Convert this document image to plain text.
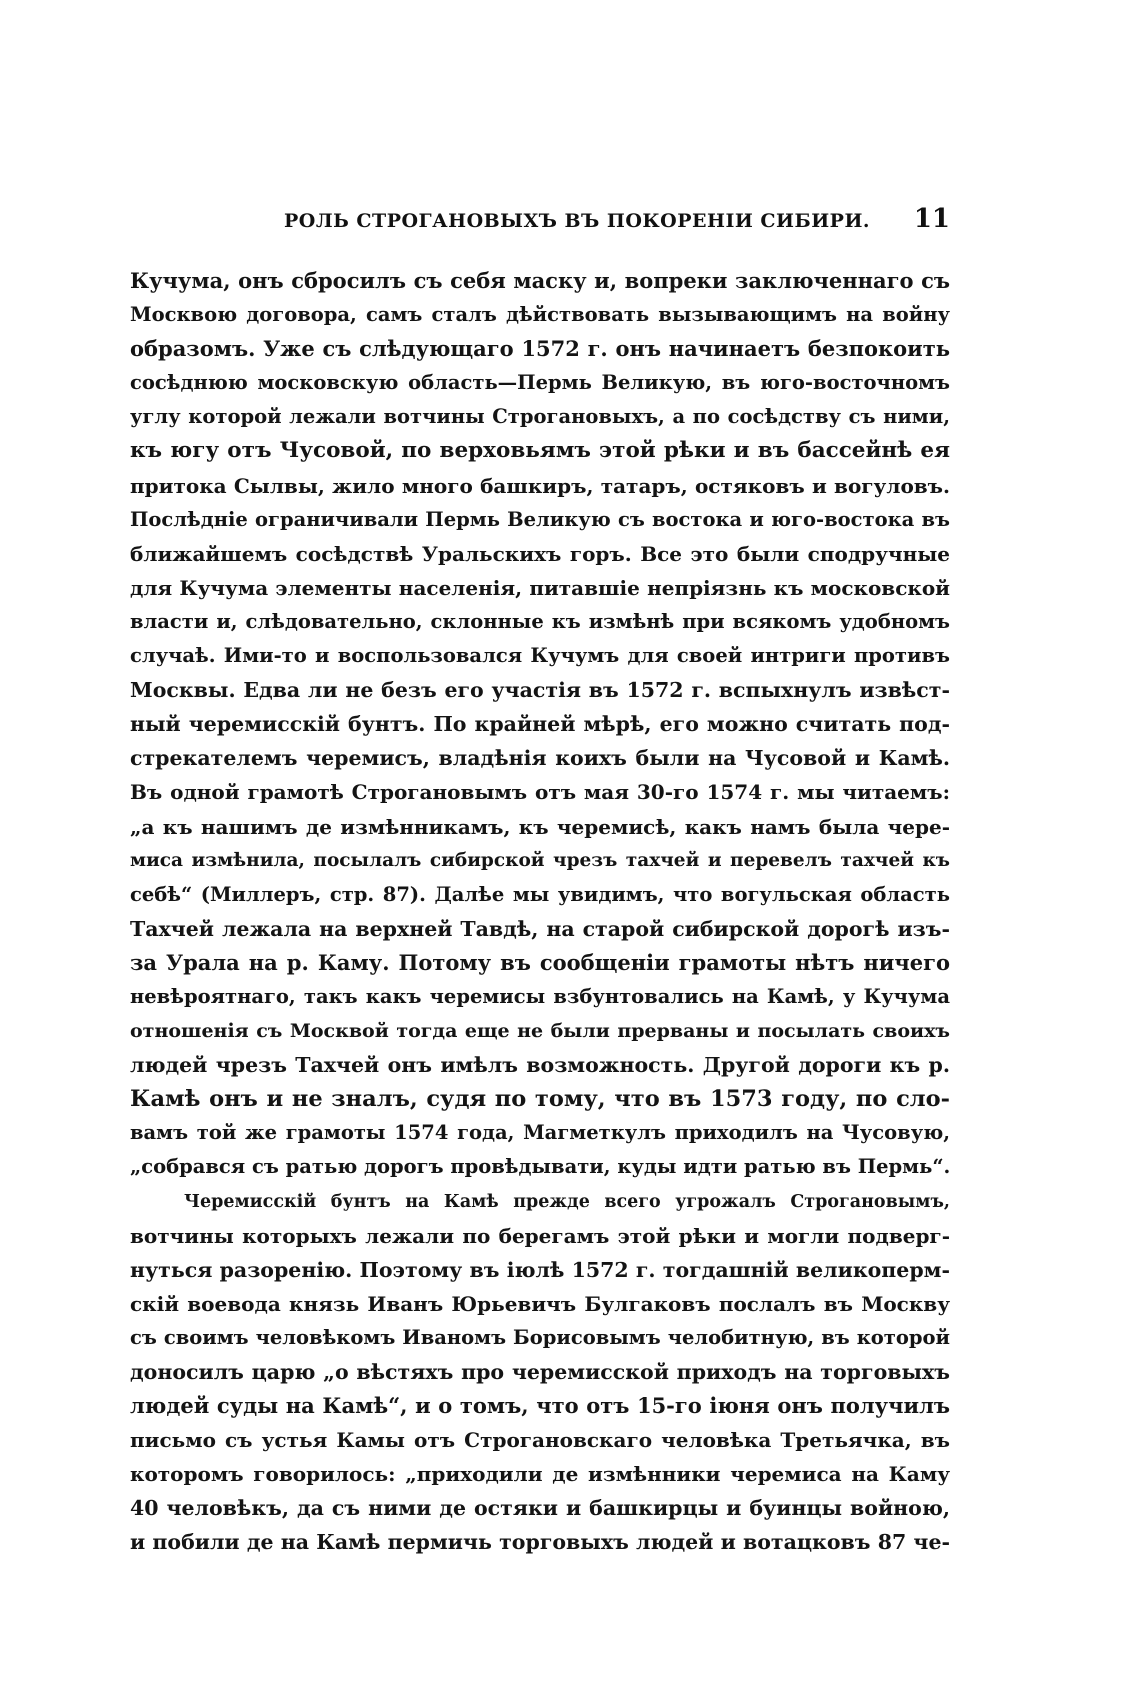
РОЛЬ СТРОГАНОВЫХЪ ВЪ ПОКОРЕНІИ СИБИРИ. 11
Кучума, онъ сбросилъ съ себя маску и, вопреки заключеннаго съ
Москвою договора, самъ сталъ дѣйствовать вызывающимъ на войну
образомъ. Уже съ слѣдующаго 1572 г. онъ начинаетъ безпокоить
сосѣднюю московскую область—Пермь Великую, въ юго-восточномъ
углу которой лежали вотчины Строгановыхъ, а по сосѣдству съ ними,
къ югу отъ Чусовой, по верховьямъ этой рѣки и въ бассейнѣ ея
притока Сылвы, жило много башкиръ, татаръ, остяковъ и вогуловъ.
Послѣдніе ограничивали Пермь Великую съ востока и юго-востока въ
ближайшемъ сосѣдствѣ Уральскихъ горъ. Все это были сподручные
для Кучума элементы населенія, питавшіе непріязнь къ московской
власти и, слѣдовательно, склонные къ измѣнѣ при всякомъ удобномъ
случаѣ. Ими-то и воспользовался Кучумъ для своей интриги противъ
Москвы. Едва ли не безъ его участія въ 1572 г. вспыхнулъ извѣст-
ный черемисскій бунтъ. По крайней мѣрѣ, его можно считать под-
стрекателемъ черемисъ, владѣнія коихъ были на Чусовой и Камѣ.
Въ одной грамотѣ Строгановымъ отъ мая 30-го 1574 г. мы читаемъ:
„а къ нашимъ де измѣнникамъ, къ черемисѣ, какъ намъ была чере-
миса измѣнила, посылалъ сибирской чрезъ тахчей и перевелъ тахчей къ
себѣ“ (Миллеръ, стр. 87). Далѣе мы увидимъ, что вогульская область
Тахчей лежала на верхней Тавдѣ, на старой сибирской дорогѣ изъ-
за Урала на р. Каму. Потому въ сообщеніи грамоты нѣтъ ничего
невѣроятнаго, такъ какъ черемисы взбунтовались на Камѣ, у Кучума
отношенія съ Москвой тогда еще не были прерваны и посылать своихъ
людей чрезъ Тахчей онъ имѣлъ возможность. Другой дороги къ р.
Камѣ онъ и не зналъ, судя по тому, что въ 1573 году, по сло-
вамъ той же грамоты 1574 года, Магметкулъ приходилъ на Чусовую,
„собрався съ ратью дорогъ провѣдывати, куды идти ратью въ Пермь“.
Черемисскій бунтъ на Камѣ прежде всего угрожалъ Строгановымъ,
вотчины которыхъ лежали по берегамъ этой рѣки и могли подверг-
нуться разоренію. Поэтому въ іюлѣ 1572 г. тогдашній великоперм-
скій воевода князь Иванъ Юрьевичъ Булгаковъ послалъ въ Москву
съ своимъ человѣкомъ Иваномъ Борисовымъ челобитную, въ которой
доносилъ царю „о вѣстяхъ про черемисской приходъ на торговыхъ
людей суды на Камѣ“, и о томъ, что отъ 15-го іюня онъ получилъ
письмо съ устья Камы отъ Строгановскаго человѣка Третьячка, въ
которомъ говорилось: „приходили де измѣнники черемиса на Каму
40 человѣкъ, да съ ними де остяки и башкирцы и буинцы войною,
и побили де на Камѣ пермичь торговыхъ людей и вотацковъ 87 че-
